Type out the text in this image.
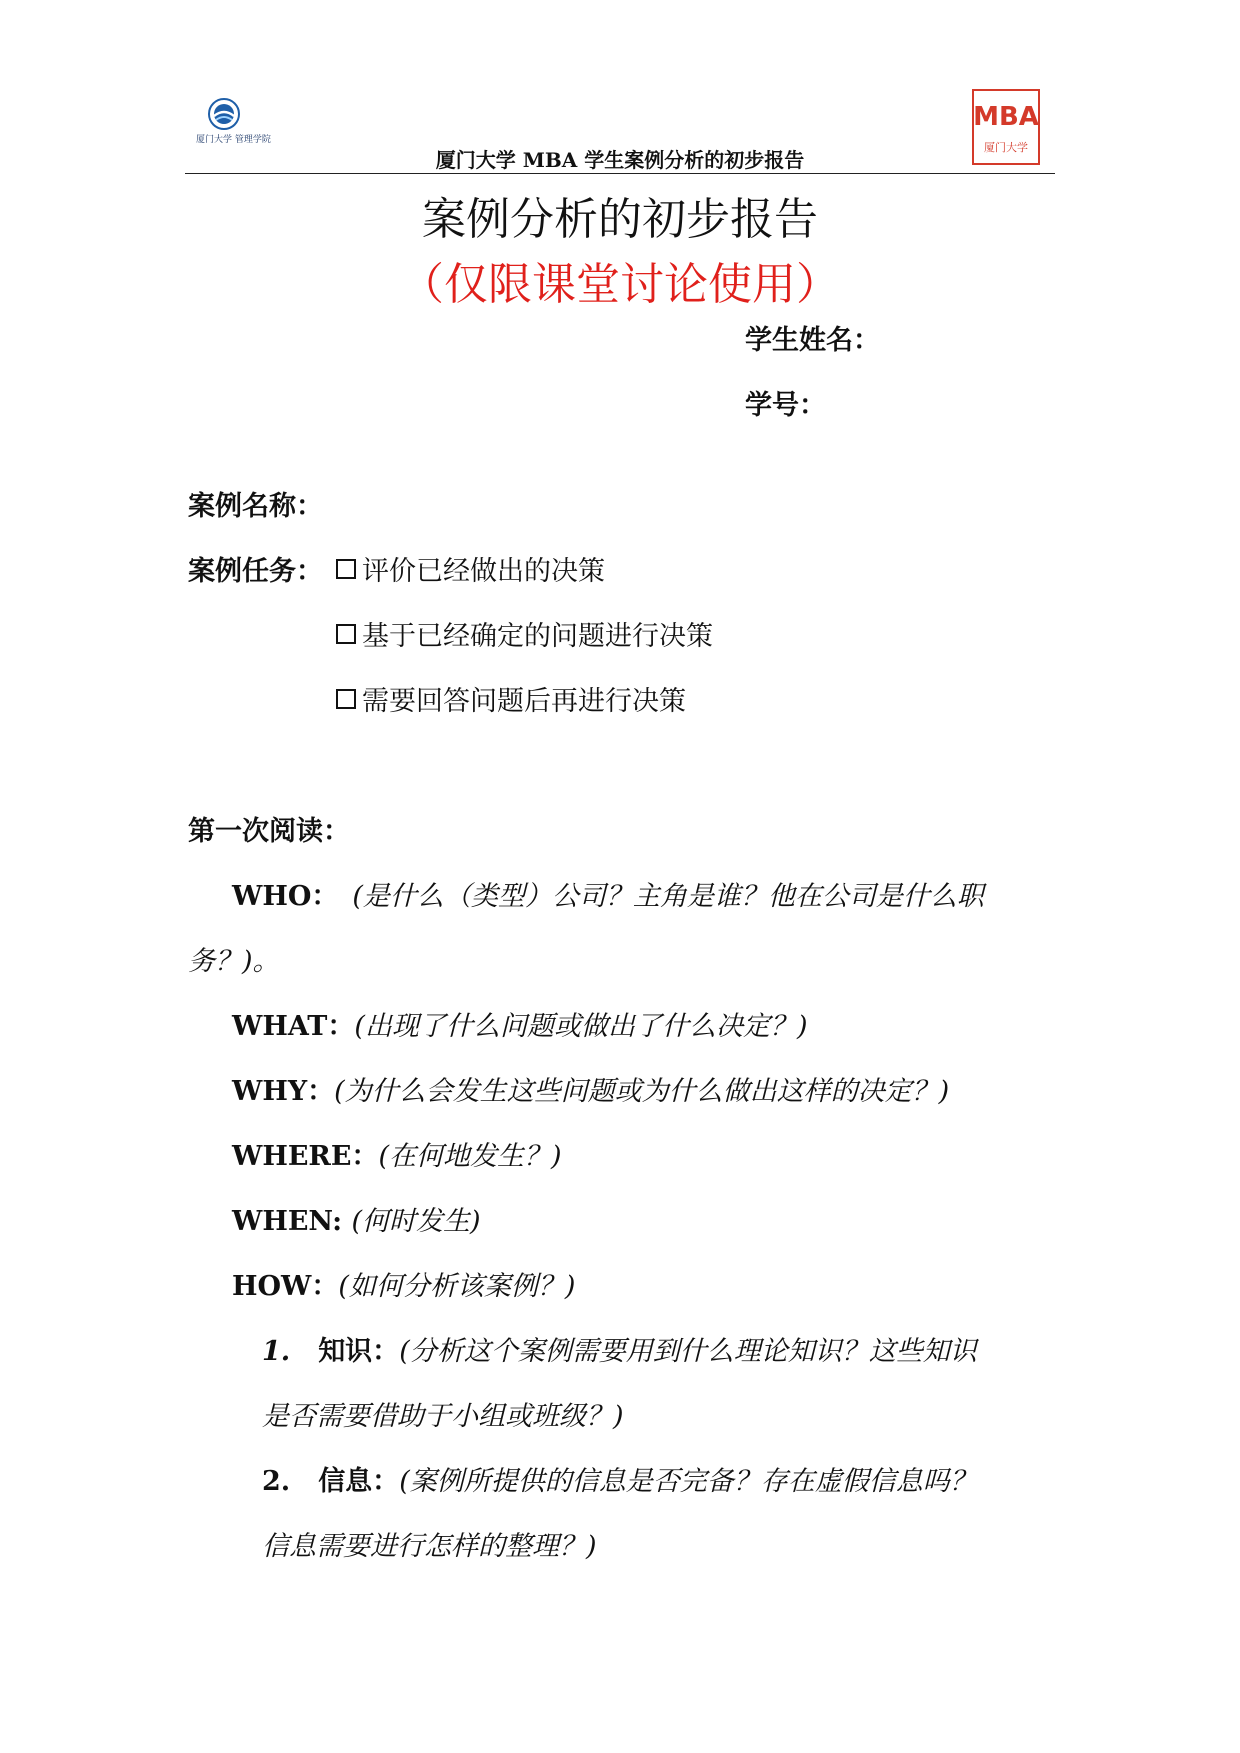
厦门大学 管理学院
MBA
厦门大学
厦门大学 MBA 学生案例分析的初步报告
案例分析的初步报告
（仅限课堂讨论使用）
学生姓名：
学号：
案例名称：
案例任务： 评价已经做出的决策
基于已经确定的问题进行决策
需要回答问题后再进行决策
第一次阅读：
WHO： (是什么（类型）公司？主角是谁？他在公司是什么职
务？)。
WHAT：(出现了什么问题或做出了什么决定？)
WHY：(为什么会发生这些问题或为什么做出这样的决定？)
WHERE：(在何地发生？)
WHEN: (何时发生)
HOW：(如何分析该案例？)
1. 知识：(分析这个案例需要用到什么理论知识？这些知识
是否需要借助于小组或班级？)
2. 信息：(案例所提供的信息是否完备？存在虚假信息吗？
信息需要进行怎样的整理？)
